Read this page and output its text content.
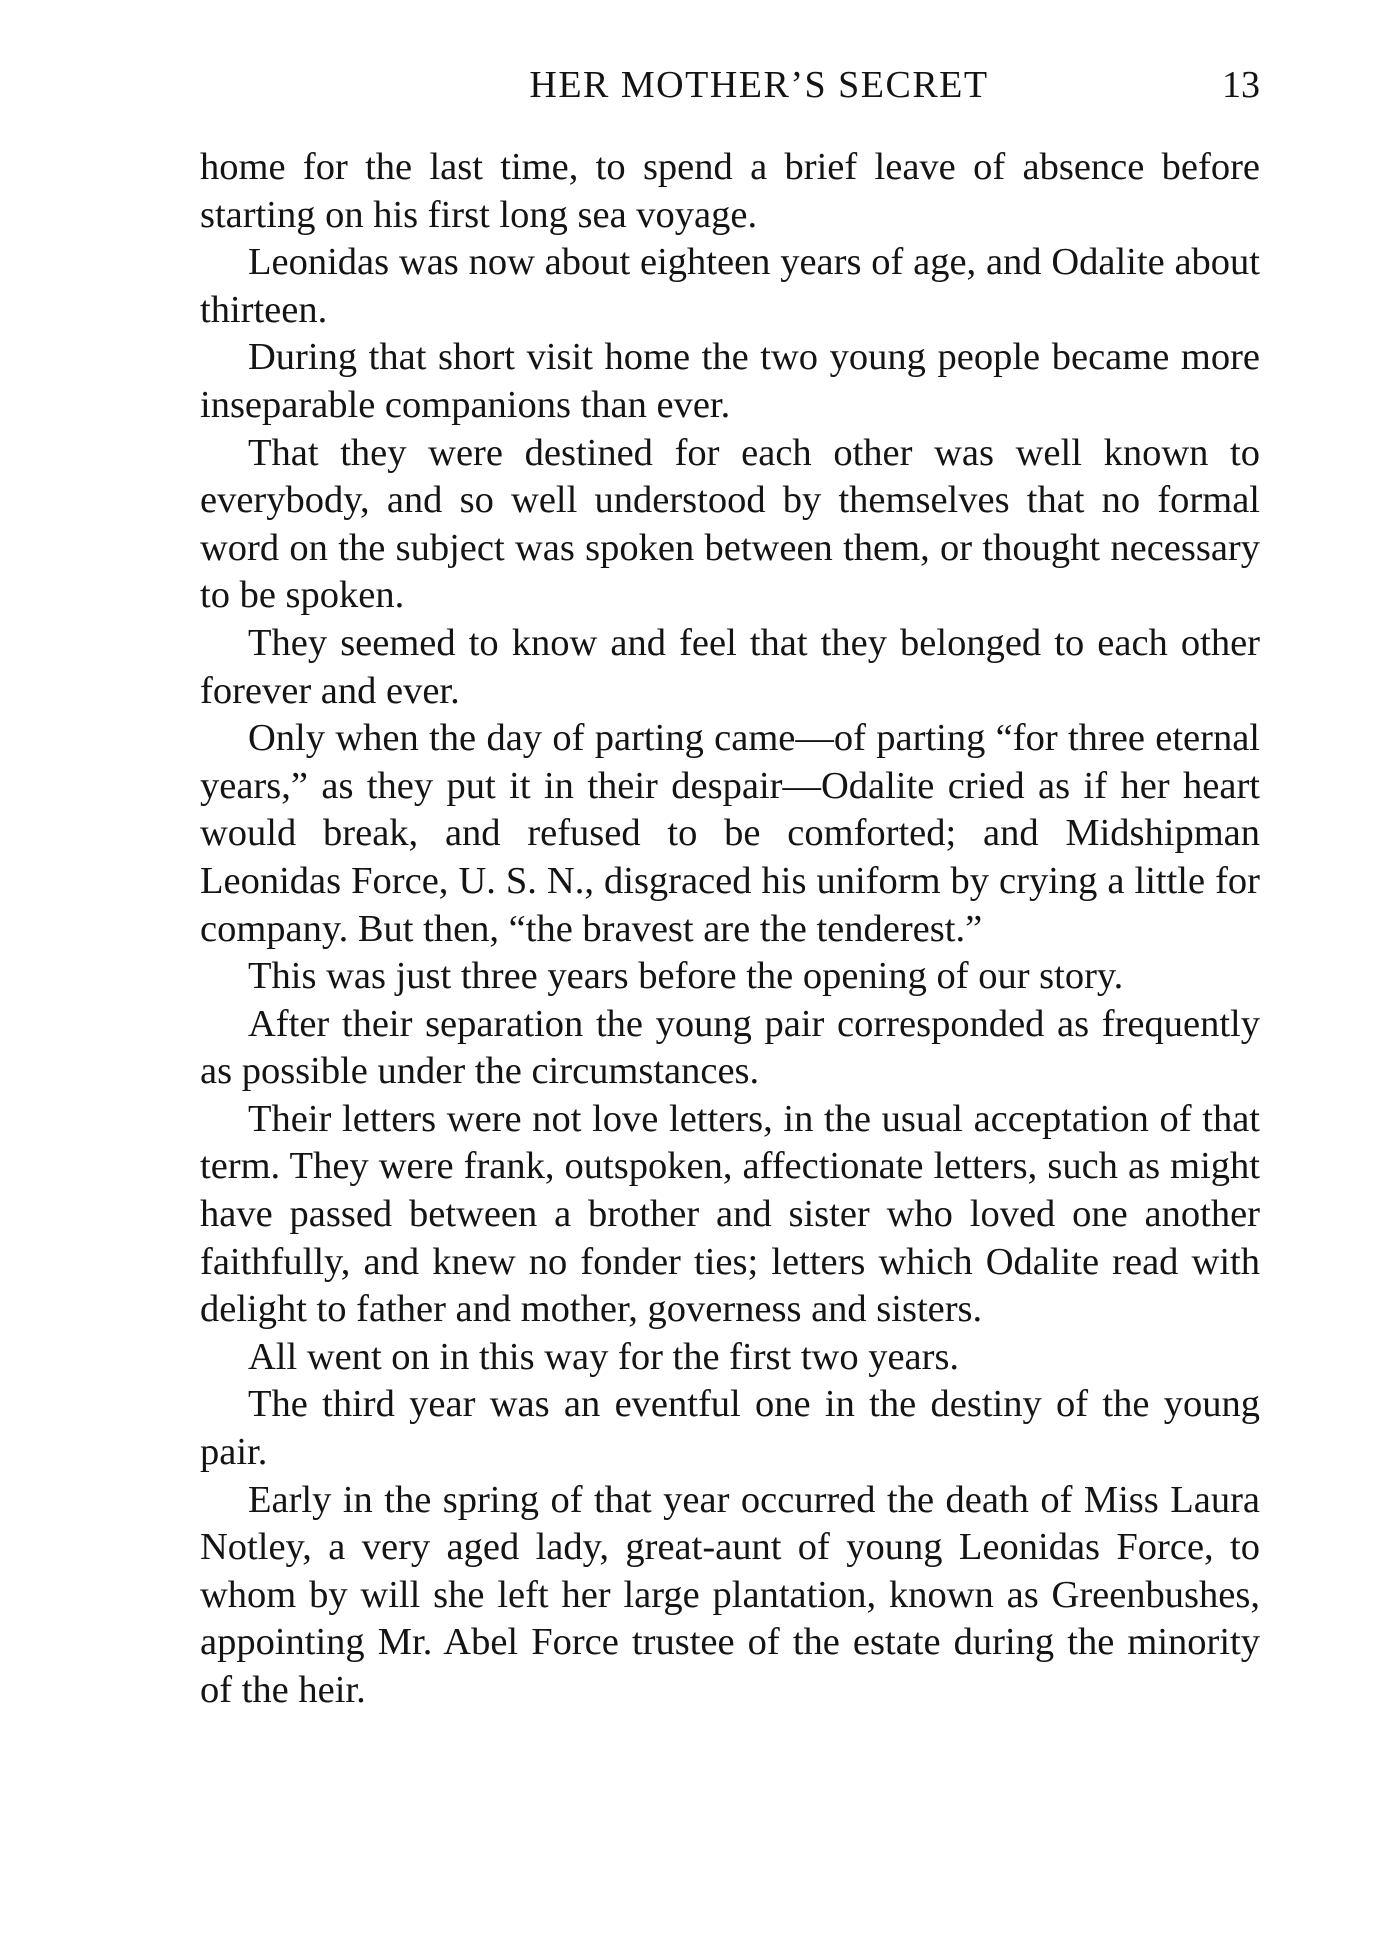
HER MOTHER’S SECRET	13

home for the last time, to spend a brief leave of absence before starting on his first long sea voyage.

Leonidas was now about eighteen years of age, and Odalite about thirteen.

During that short visit home the two young people became more inseparable companions than ever.

That they were destined for each other was well known to everybody, and so well understood by themselves that no formal word on the subject was spoken between them, or thought necessary to be spoken.

They seemed to know and feel that they belonged to each other forever and ever.

Only when the day of parting came—of parting “for three eternal years,” as they put it in their despair—Odalite cried as if her heart would break, and refused to be comforted; and Midshipman Leonidas Force, U. S. N., disgraced his uniform by crying a little for company. But then, “the bravest are the tenderest.”

This was just three years before the opening of our story.

After their separation the young pair corresponded as frequently as possible under the circumstances.

Their letters were not love letters, in the usual acceptation of that term. They were frank, outspoken, affectionate letters, such as might have passed between a brother and sister who loved one another faithfully, and knew no fonder ties; letters which Odalite read with delight to father and mother, governess and sisters.

All went on in this way for the first two years.

The third year was an eventful one in the destiny of the young pair.

Early in the spring of that year occurred the death of Miss Laura Notley, a very aged lady, great-aunt of young Leonidas Force, to whom by will she left her large plantation, known as Greenbushes, appointing Mr. Abel Force trustee of the estate during the minority of the heir.
